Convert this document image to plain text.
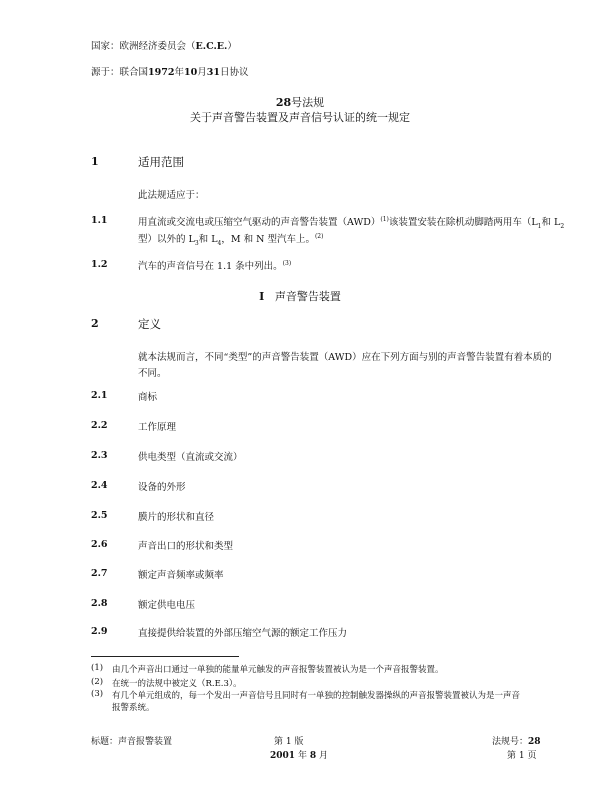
国家：欧洲经济委员会（E.C.E.）
源于：联合国1972年10月31日协议
28号法规
关于声音警告装置及声音信号认证的统一规定
1	适用范围
此法规适应于：
1.1	用直流或交流电或压缩空气驱动的声音警告装置（AWD）$^{(1)}$该装置安装在除机动脚踏两用车（$L_1$和 $L_2$
型）以外的 $L_3$和 $L_4$，M 和 N 型汽车上。$^{(2)}$
1.2	汽车的声音信号在 1.1 条中列出。$^{(3)}$
I 声音警告装置
2	定义
就本法规而言，不同“类型”的声音警告装置（AWD）应在下列方面与别的声音警告装置有着本质的
不同。
2.1	商标
2.2	工作原理
2.3	供电类型（直流或交流）
2.4	设备的外形
2.5	膜片的形状和直径
2.6	声音出口的形状和类型
2.7	额定声音频率或频率
2.8	额定供电电压
2.9	直接提供给装置的外部压缩空气源的额定工作压力
(1) 由几个声音出口通过一单独的能量单元触发的声音报警装置被认为是一个声音报警装置。
(2) 在统一的法规中被定义（R.E.3）。
(3) 有几个单元组成的，每一个发出一声音信号且同时有一单独的控制触发器操纵的声音报警装置被认为是一声音
报警系统。
标题：声音报警装置	第 1 版
2001 年 8 月
法规号：28
第 1 页
